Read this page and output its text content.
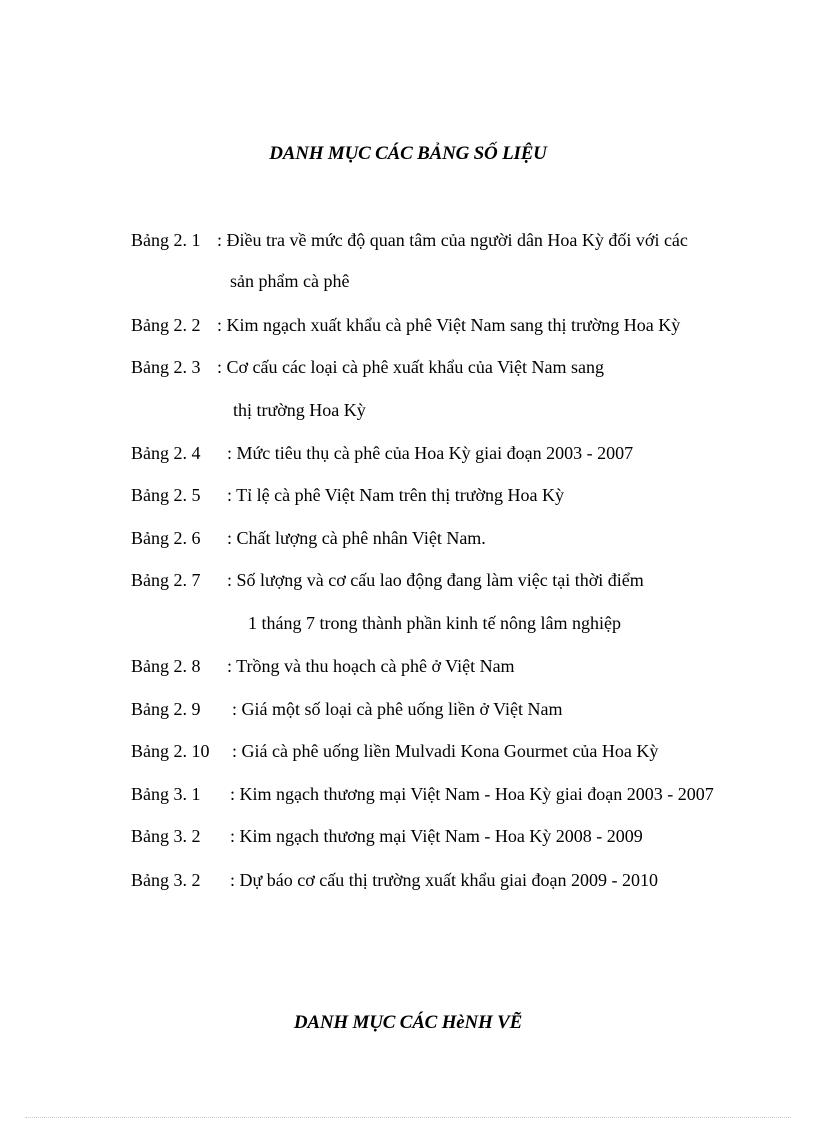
DANH MỤC CÁC BẢNG SỐ LIỆU
Bảng 2. 1 : Điều tra về mức độ quan tâm của người dân Hoa Kỳ đối với các
sản phẩm cà phê
Bảng 2. 2 : Kim ngạch xuất khẩu cà phê Việt Nam sang thị trường Hoa Kỳ
Bảng 2. 3 : Cơ cấu các loại cà phê xuất khẩu của Việt Nam sang
thị trường Hoa Kỳ
Bảng 2. 4 : Mức tiêu thụ cà phê của Hoa Kỳ giai đoạn 2003 - 2007
Bảng 2. 5 : Tỉ lệ cà phê Việt Nam trên thị trường Hoa Kỳ
Bảng 2. 6 : Chất lượng cà phê nhân Việt Nam.
Bảng 2. 7 : Số lượng và cơ cấu lao động đang làm việc tại thời điểm
1 tháng 7 trong thành phần kinh tế nông lâm nghiệp
Bảng 2. 8 : Trồng và thu hoạch cà phê ở Việt Nam
Bảng 2. 9 : Giá một số loại cà phê uống liền ở Việt Nam
Bảng 2. 10 : Giá cà phê uống liền Mulvadi Kona Gourmet của Hoa Kỳ
Bảng 3. 1 : Kim ngạch thương mại Việt Nam - Hoa Kỳ giai đoạn 2003 - 2007
Bảng 3. 2 : Kim ngạch thương mại Việt Nam - Hoa Kỳ 2008 - 2009
Bảng 3. 2 : Dự báo cơ cấu thị trường xuất khẩu giai đoạn 2009 - 2010
DANH MỤC CÁC HèNH VẼ
